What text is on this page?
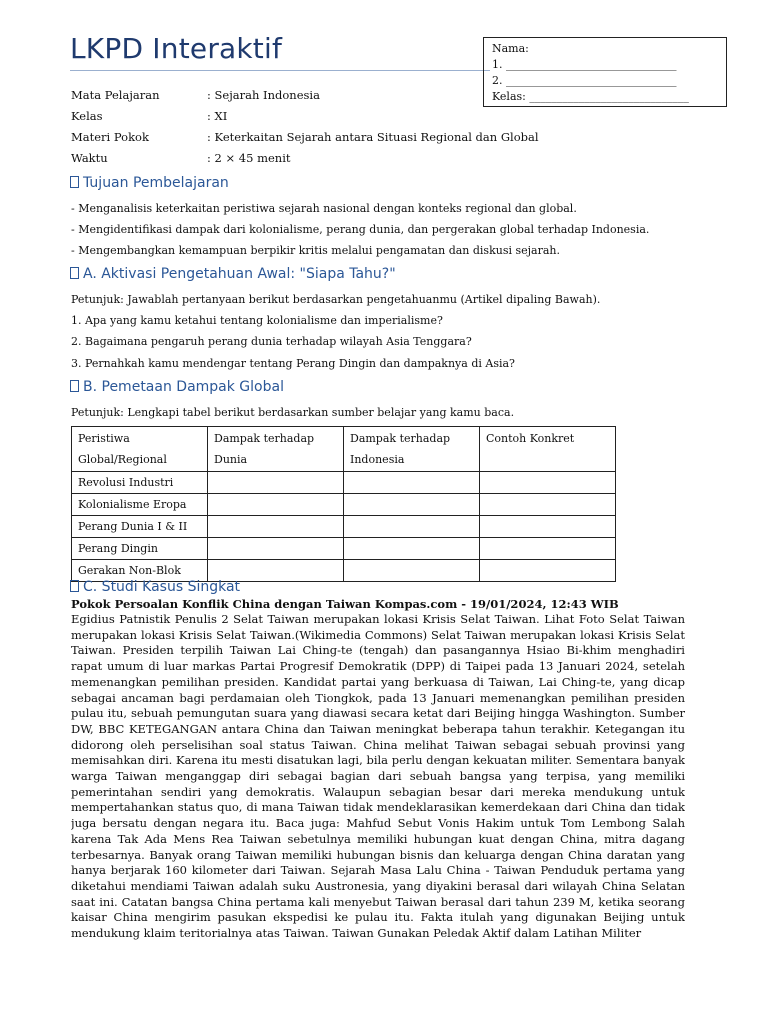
LKPD Interaktif	Nama:
1. _______________________________
2. _______________________________
Kelas: _____________________________
Mata Pelajaran	: Sejarah Indonesia
Kelas	: XI
Materi Pokok	: Keterkaitan Sejarah antara Situasi Regional dan Global
Waktu	: 2 × 45 menit
Tujuan Pembelajaran
- Menganalisis keterkaitan peristiwa sejarah nasional dengan konteks regional dan global.
- Mengidentifikasi dampak dari kolonialisme, perang dunia, dan pergerakan global terhadap Indonesia.
- Mengembangkan kemampuan berpikir kritis melalui pengamatan dan diskusi sejarah.
A. Aktivasi Pengetahuan Awal: "Siapa Tahu?"
Petunjuk: Jawablah pertanyaan berikut berdasarkan pengetahuanmu (Artikel dipaling Bawah).
1. Apa yang kamu ketahui tentang kolonialisme dan imperialisme?
2. Bagaimana pengaruh perang dunia terhadap wilayah Asia Tenggara?
3. Pernahkah kamu mendengar tentang Perang Dingin dan dampaknya di Asia?
B. Pemetaan Dampak Global
Petunjuk: Lengkapi tabel berikut berdasarkan sumber belajar yang kamu baca.
Peristiwa Global/Regional	Dampak terhadap Dunia	Dampak terhadap Indonesia	Contoh Konkret
Revolusi Industri			
Kolonialisme Eropa			
Perang Dunia I & II			
Perang Dingin			
Gerakan Non-Blok			
C. Studi Kasus Singkat
Pokok Persoalan Konflik China dengan Taiwan Kompas.com - 19/01/2024, 12:43 WIB
Egidius Patnistik Penulis 2 Selat Taiwan merupakan lokasi Krisis Selat Taiwan. Lihat Foto Selat Taiwan merupakan lokasi Krisis Selat Taiwan.(Wikimedia Commons) Selat Taiwan merupakan lokasi Krisis Selat Taiwan. Presiden terpilih Taiwan Lai Ching-te (tengah) dan pasangannya Hsiao Bi-khim menghadiri rapat umum di luar markas Partai Progresif Demokratik (DPP) di Taipei pada 13 Januari 2024, setelah memenangkan pemilihan presiden. Kandidat partai yang berkuasa di Taiwan, Lai Ching-te, yang dicap sebagai ancaman bagi perdamaian oleh Tiongkok, pada 13 Januari memenangkan pemilihan presiden pulau itu, sebuah pemungutan suara yang diawasi secara ketat dari Beijing hingga Washington. Sumber DW, BBC KETEGANGAN antara China dan Taiwan meningkat beberapa tahun terakhir. Ketegangan itu didorong oleh perselisihan soal status Taiwan. China melihat Taiwan sebagai sebuah provinsi yang memisahkan diri. Karena itu mesti disatukan lagi, bila perlu dengan kekuatan militer. Sementara banyak warga Taiwan menganggap diri sebagai bagian dari sebuah bangsa yang terpisa, yang memiliki pemerintahan sendiri yang demokratis. Walaupun sebagian besar dari mereka mendukung untuk mempertahankan status quo, di mana Taiwan tidak mendeklarasikan kemerdekaan dari China dan tidak juga bersatu dengan negara itu. Baca juga: Mahfud Sebut Vonis Hakim untuk Tom Lembong Salah karena Tak Ada Mens Rea Taiwan sebetulnya memiliki hubungan kuat dengan China, mitra dagang terbesarnya. Banyak orang Taiwan memiliki hubungan bisnis dan keluarga dengan China daratan yang hanya berjarak 160 kilometer dari Taiwan. Sejarah Masa Lalu China - Taiwan Penduduk pertama yang diketahui mendiami Taiwan adalah suku Austronesia, yang diyakini berasal dari wilayah China Selatan saat ini. Catatan bangsa China pertama kali menyebut Taiwan berasal dari tahun 239 M, ketika seorang kaisar China mengirim pasukan ekspedisi ke pulau itu. Fakta itulah yang digunakan Beijing untuk mendukung klaim teritorialnya atas Taiwan. Taiwan Gunakan Peledak Aktif dalam Latihan Militer
